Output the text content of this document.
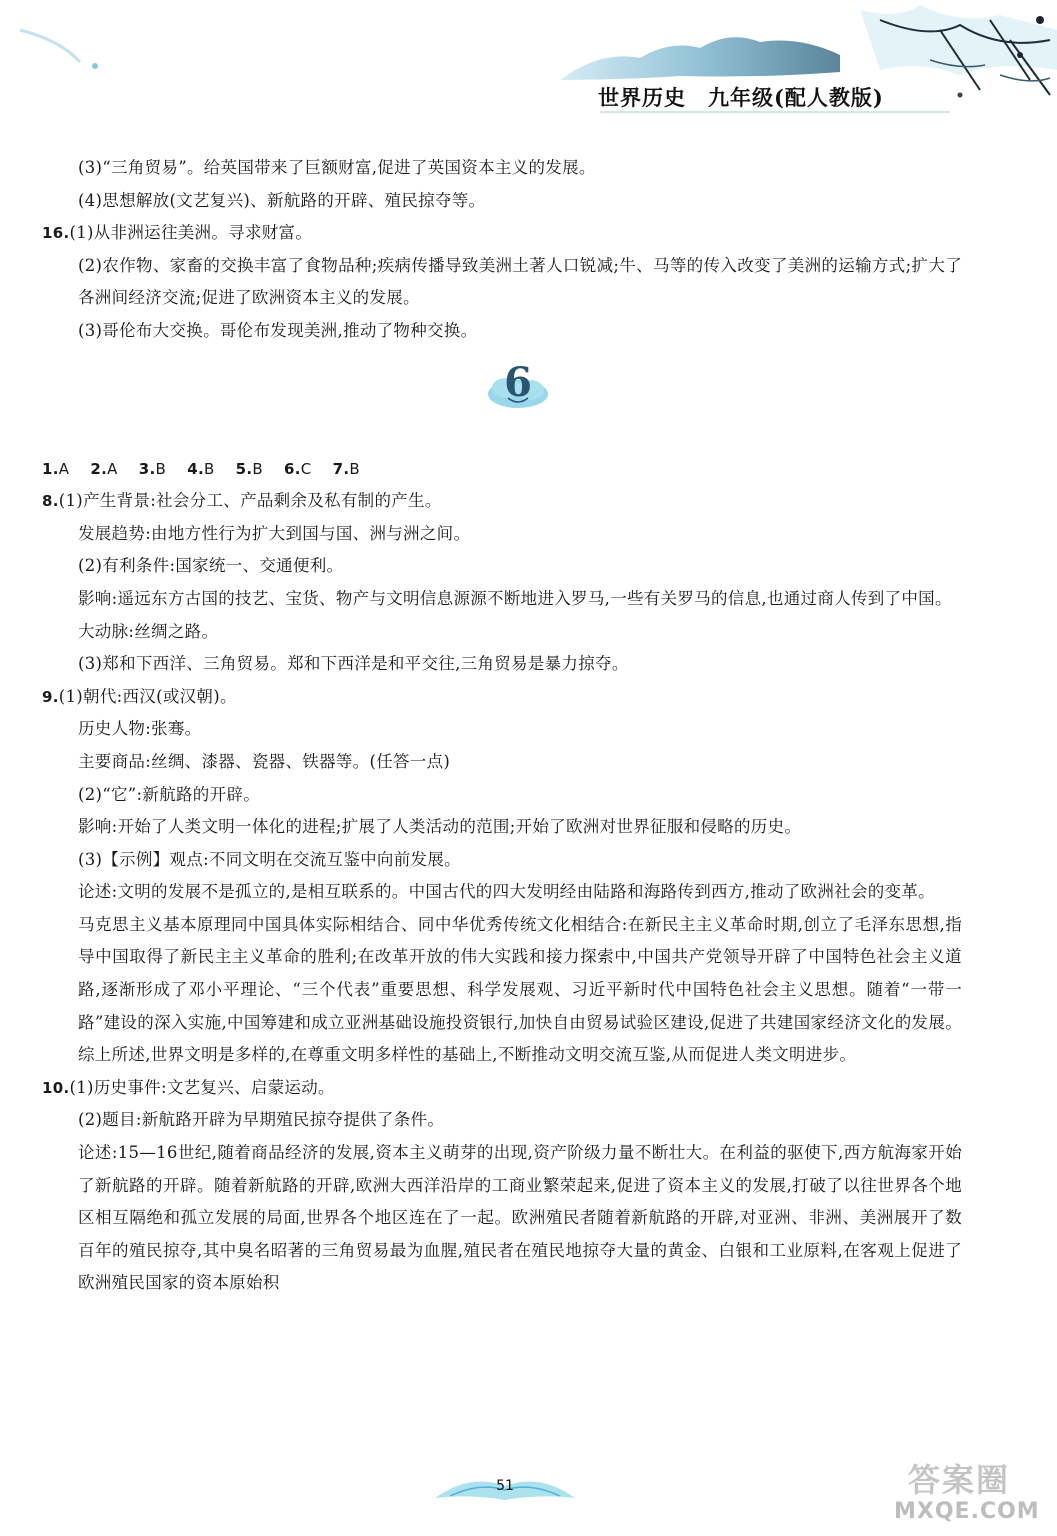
世界历史　九年级(配人教版)
(3)“三角贸易”。给英国带来了巨额财富,促进了英国资本主义的发展。
(4)思想解放(文艺复兴)、新航路的开辟、殖民掠夺等。
16.(1)从非洲运往美洲。寻求财富。
(2)农作物、家畜的交换丰富了食物品种;疾病传播导致美洲土著人口锐减;牛、马等的传入改变了美洲的运输方式;扩大了各洲间经济交流;促进了欧洲资本主义的发展。
(3)哥伦布大交换。哥伦布发现美洲,推动了物种交换。
6
1.A 2.A 3.B 4.B 5.B 6.C 7.B
8.(1)产生背景:社会分工、产品剩余及私有制的产生。
发展趋势:由地方性行为扩大到国与国、洲与洲之间。
(2)有利条件:国家统一、交通便利。
影响:遥远东方古国的技艺、宝货、物产与文明信息源源不断地进入罗马,一些有关罗马的信息,也通过商人传到了中国。
大动脉:丝绸之路。
(3)郑和下西洋、三角贸易。郑和下西洋是和平交往,三角贸易是暴力掠夺。
9.(1)朝代:西汉(或汉朝)。
历史人物:张骞。
主要商品:丝绸、漆器、瓷器、铁器等。(任答一点)
(2)“它”:新航路的开辟。
影响:开始了人类文明一体化的进程;扩展了人类活动的范围;开始了欧洲对世界征服和侵略的历史。
(3)【示例】观点:不同文明在交流互鉴中向前发展。
论述:文明的发展不是孤立的,是相互联系的。中国古代的四大发明经由陆路和海路传到西方,推动了欧洲社会的变革。
马克思主义基本原理同中国具体实际相结合、同中华优秀传统文化相结合:在新民主主义革命时期,创立了毛泽东思想,指导中国取得了新民主主义革命的胜利;在改革开放的伟大实践和接力探索中,中国共产党领导开辟了中国特色社会主义道路,逐渐形成了邓小平理论、“三个代表”重要思想、科学发展观、习近平新时代中国特色社会主义思想。随着“一带一路”建设的深入实施,中国筹建和成立亚洲基础设施投资银行,加快自由贸易试验区建设,促进了共建国家经济文化的发展。综上所述,世界文明是多样的,在尊重文明多样性的基础上,不断推动文明交流互鉴,从而促进人类文明进步。
10.(1)历史事件:文艺复兴、启蒙运动。
(2)题目:新航路开辟为早期殖民掠夺提供了条件。
论述:15—16世纪,随着商品经济的发展,资本主义萌芽的出现,资产阶级力量不断壮大。在利益的驱使下,西方航海家开始了新航路的开辟。随着新航路的开辟,欧洲大西洋沿岸的工商业繁荣起来,促进了资本主义的发展,打破了以往世界各个地区相互隔绝和孤立发展的局面,世界各个地区连在了一起。欧洲殖民者随着新航路的开辟,对亚洲、非洲、美洲展开了数百年的殖民掠夺,其中臭名昭著的三角贸易最为血腥,殖民者在殖民地掠夺大量的黄金、白银和工业原料,在客观上促进了欧洲殖民国家的资本原始积
51	答案圈
MXQE.COM
